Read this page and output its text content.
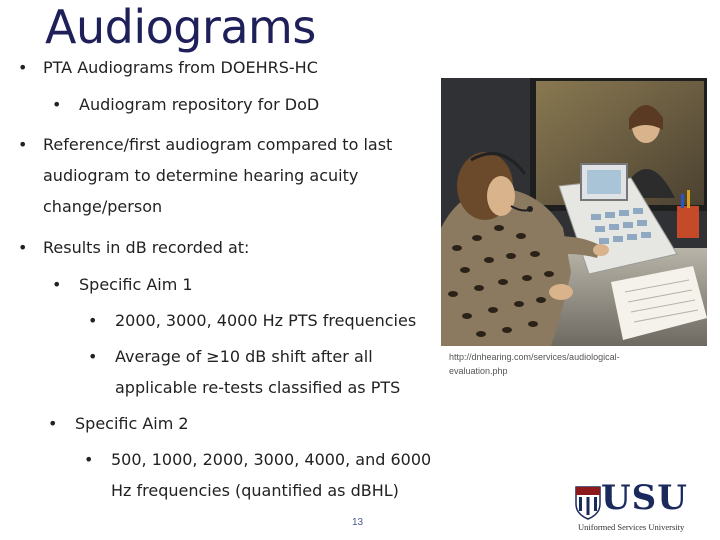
Audiograms
• PTA Audiograms from DOEHRS-HC
• Audiogram repository for DoD
• Reference/first audiogram compared to last
audiogram to determine hearing acuity
change/person
• Results in dB recorded at:
• Specific Aim 1
• 2000, 3000, 4000 Hz PTS frequencies
• Average of ≥10 dB shift after all
applicable re-tests classified as PTS
• Specific Aim 2
• 500, 1000, 2000, 3000, 4000, and 6000
Hz frequencies (quantified as dBHL)
http://dnhearing.com/services/audiological-
evaluation.php
13
USU
Uniformed Services University
